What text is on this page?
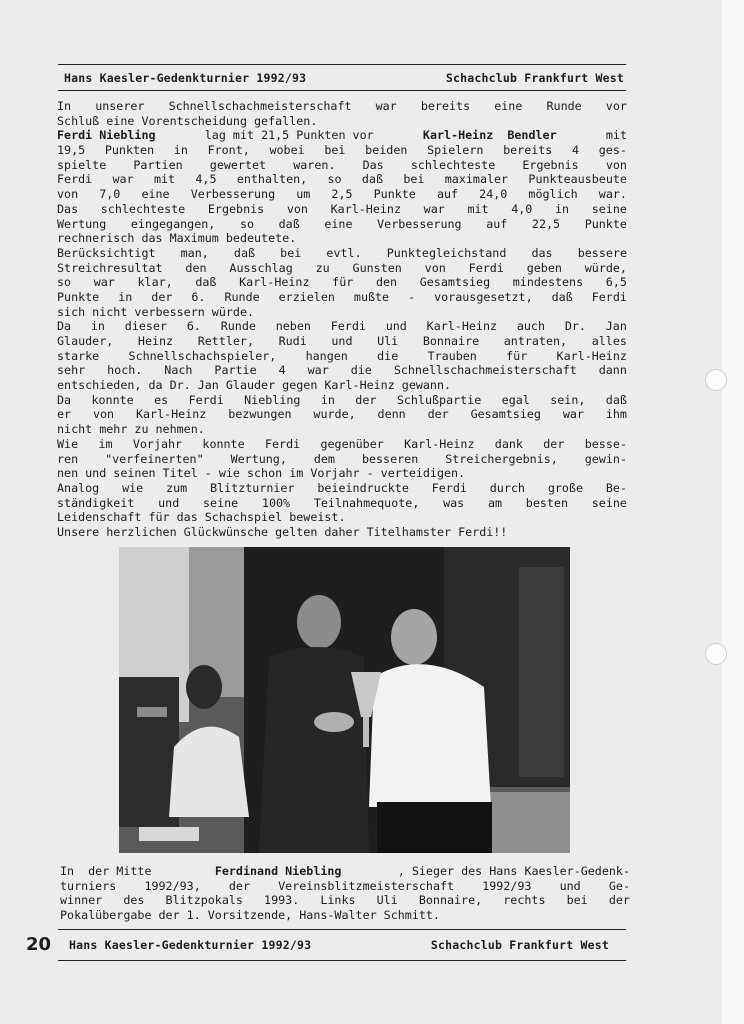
Hans Kaesler-Gedenkturnier 1992/93	Schachclub Frankfurt West
In unserer Schnellschachmeisterschaft war bereits eine Runde vor
Schluß eine Vorentscheidung gefallen.
Ferdi Niebling	lag mit 21,5 Punkten vor	Karl-Heinz  Bendler	mit
19,5 Punkten in Front, wobei bei beiden Spielern bereits 4 ges-
spielte Partien gewertet waren. Das schlechteste Ergebnis von
Ferdi war mit 4,5 enthalten, so daß bei maximaler Punkteausbeute
von 7,0 eine Verbesserung um 2,5 Punkte auf 24,0 möglich war.
Das schlechteste Ergebnis von Karl-Heinz war mit 4,0 in seine
Wertung eingegangen, so daß eine Verbesserung auf 22,5 Punkte
rechnerisch das Maximum bedeutete.
Berücksichtigt man, daß bei evtl. Punktegleichstand das bessere
Streichresultat den Ausschlag zu Gunsten von Ferdi geben würde,
so war klar, daß Karl-Heinz für den Gesamtsieg mindestens 6,5
Punkte in der 6. Runde erzielen mußte - vorausgesetzt, daß Ferdi
sich nicht verbessern würde.
Da in dieser 6. Runde neben Ferdi und Karl-Heinz auch Dr. Jan
Glauder, Heinz Rettler, Rudi und Uli Bonnaire antraten, alles
starke	Schnellschachspieler,	hangen	die	Trauben	für	Karl-Heinz
sehr hoch. Nach Partie 4 war die Schnellschachmeisterschaft dann
entschieden, da Dr. Jan Glauder gegen Karl-Heinz gewann.
Da konnte es Ferdi Niebling in der Schlußpartie egal sein, daß
er von Karl-Heinz bezwungen wurde, denn der Gesamtsieg war ihm
nicht mehr zu nehmen.
Wie im Vorjahr konnte Ferdi gegenüber Karl-Heinz dank der besse-
ren "verfeinerten" Wertung, dem besseren Streichergebnis, gewin-
nen und seinen Titel - wie schon im Vorjahr - verteidigen.
Analog wie zum Blitzturnier beieindruckte Ferdi durch große Be-
ständigkeit und seine 100% Teilnahmequote, was am besten seine
Leidenschaft für das Schachspiel beweist.
Unsere herzlichen Glückwünsche gelten daher Titelhamster Ferdi!!
In  der Mitte	Ferdinand Niebling	, Sieger des Hans Kaesler-Gedenk-
turniers 1992/93, der Vereinsblitzmeisterschaft 1992/93 und Ge-
winner des Blitzpokals 1993. Links Uli Bonnaire, rechts bei der
Pokalübergabe der 1. Vorsitzende, Hans-Walter Schmitt.
20 Hans Kaesler-Gedenkturnier 1992/93	Schachclub Frankfurt West
